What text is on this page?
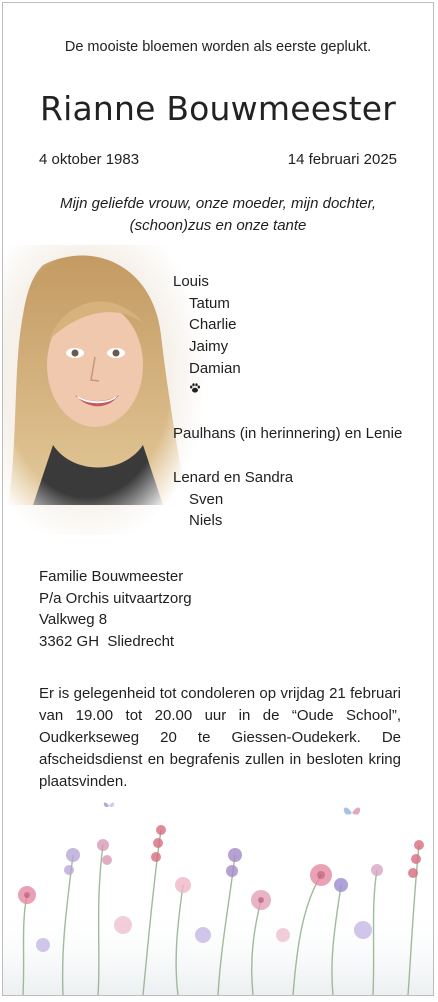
De mooiste bloemen worden als eerste geplukt.
Rianne Bouwmeester
4 oktober 1983	14 februari 2025
Mijn geliefde vrouw, onze moeder, mijn dochter,
(schoon)zus en onze tante
Louis
Tatum
Charlie
Jaimy
Damian
Paulhans (in herinnering) en Lenie
Lenard en Sandra
Sven
Niels
Familie Bouwmeester
P/a Orchis uitvaartzorg
Valkweg 8
3362 GH  Sliedrecht
Er is gelegenheid tot condoleren op vrijdag 21 februari van 19.00 tot 20.00 uur in de “Oude School”, Oudkerkseweg 20 te Giessen-Oudekerk. De afscheidsdienst en begrafenis zullen in besloten kring plaatsvinden.
